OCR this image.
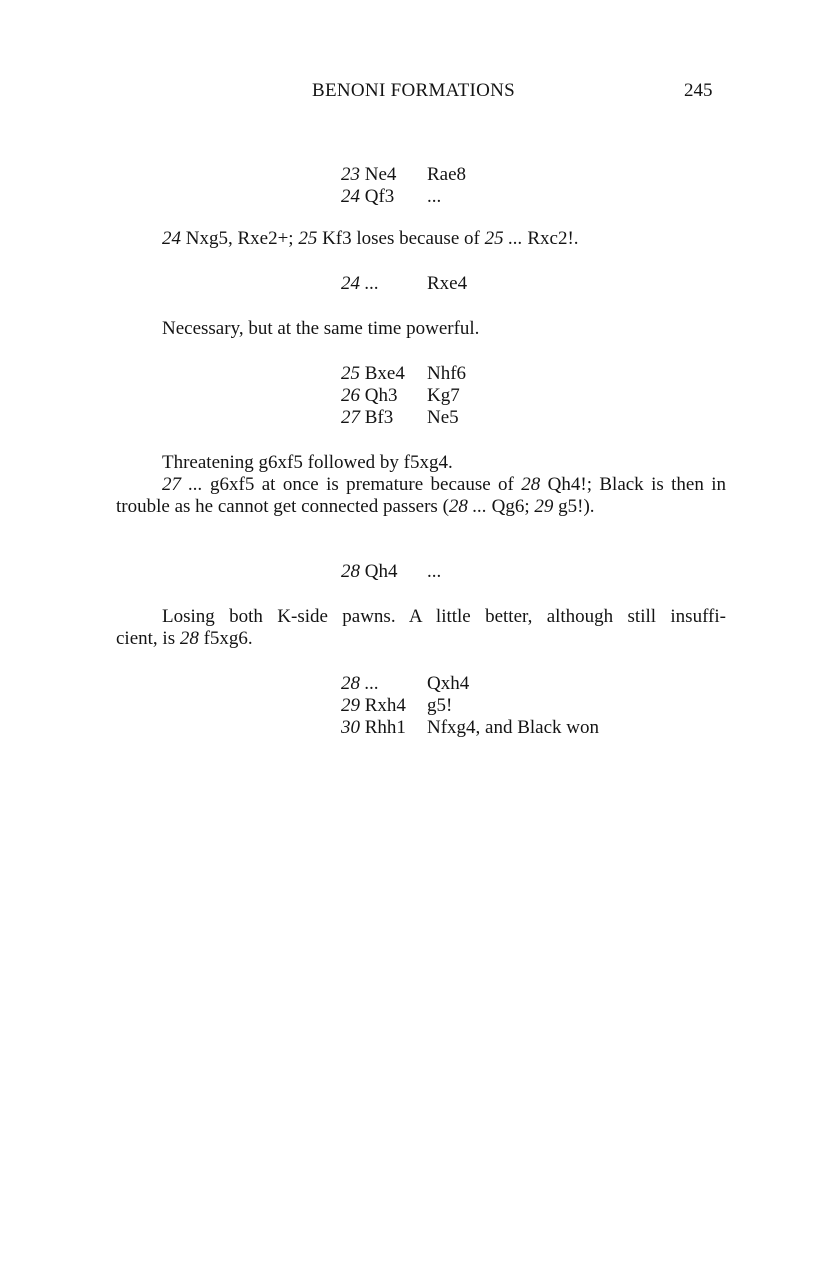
BENONI FORMATIONS	245
23 Ne4 Rae8
24 Qf3 ...

24 Nxg5, Rxe2+; 25 Kf3 loses because of 25 ... Rxc2!.

24 ...	Rxe4

Necessary, but at the same time powerful.

25 Bxe4 Nhf6
26 Qh3 Kg7
27 Bf3 Ne5

Threatening g6xf5 followed by f5xg4.

27 ... g6xf5 at once is premature because of 28 Qh4!; Black is then in trouble as he cannot get connected passers (28 ... Qg6; 29 g5!).

28 Qh4 ...

Losing both K-side pawns. A little better, although still insuffi-

cient, is 28 f5xg6.

28 ...	Qxh4
29 Rxh4 g5!
30 Rhh1 Nfxg4, and Black won
